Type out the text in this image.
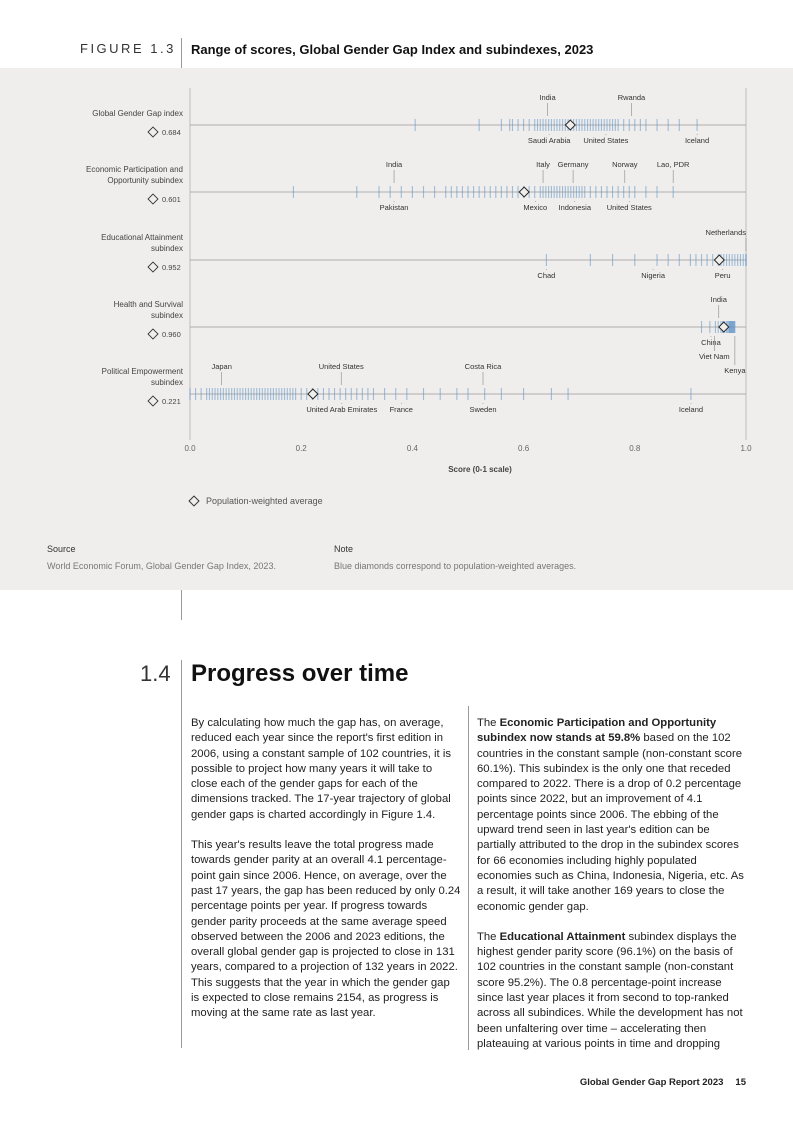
FIGURE 1.3 Range of scores, Global Gender Gap Index and subindexes, 2023
0.0	0.2	0.4	0.6	0.8	1.0
Score (0-1 scale)
Global Gender Gap index
0.684
India	Rwanda
Saudi Arabia United States	Iceland
Economic Participation and
Opportunity subindex
0.601
India	Italy Germany	Norway	Lao, PDR
Pakistan	Mexico Indonesia United States
Educational Attainment
subindex
0.952
Netherlands
Chad	Nigeria	Peru
Health and Survival
subindex
0.960
India
China
Viet Nam
Kenya
Political Empowerment
subindex
0.221
Japan	United States	Costa Rica
United Arab Emirates France	Sweden	Iceland
Population-weighted average
Source
World Economic Forum, Global Gender Gap Index, 2023.
Note
Blue diamonds correspond to population-weighted averages.
1.4 Progress over time

By calculating how much the gap has, on average, reduced each year since the report's first edition in 2006, using a constant sample of 102 countries, it is possible to project how many years it will take to close each of the gender gaps for each of the dimensions tracked. The 17-year trajectory of global gender gaps is charted accordingly in Figure 1.4.

This year's results leave the total progress made towards gender parity at an overall 4.1 percentage-point gain since 2006. Hence, on average, over the past 17 years, the gap has been reduced by only 0.24 percentage points per year. If progress towards gender parity proceeds at the same average speed observed between the 2006 and 2023 editions, the overall global gender gap is projected to close in 131 years, compared to a projection of 132 years in 2022. This suggests that the year in which the gender gap is expected to close remains 2154, as progress is moving at the same rate as last year.

The Economic Participation and Opportunity subindex now stands at 59.8% based on the 102 countries in the constant sample (non-constant score 60.1%). This subindex is the only one that receded compared to 2022. There is a drop of 0.2 percentage points since 2022, but an improvement of 4.1 percentage points since 2006. The ebbing of the upward trend seen in last year's edition can be partially attributed to the drop in the subindex scores for 66 economies including highly populated economies such as China, Indonesia, Nigeria, etc. As a result, it will take another 169 years to close the economic gender gap.

The Educational Attainment subindex displays the highest gender parity score (96.1%) on the basis of 102 countries in the constant sample (non-constant score 95.2%). The 0.8 percentage-point increase since last year places it from second to top-ranked across all subindices. While the development has not been unfaltering over time – accelerating then plateauing at various points in time and dropping

Global Gender Gap Report 2023 15
